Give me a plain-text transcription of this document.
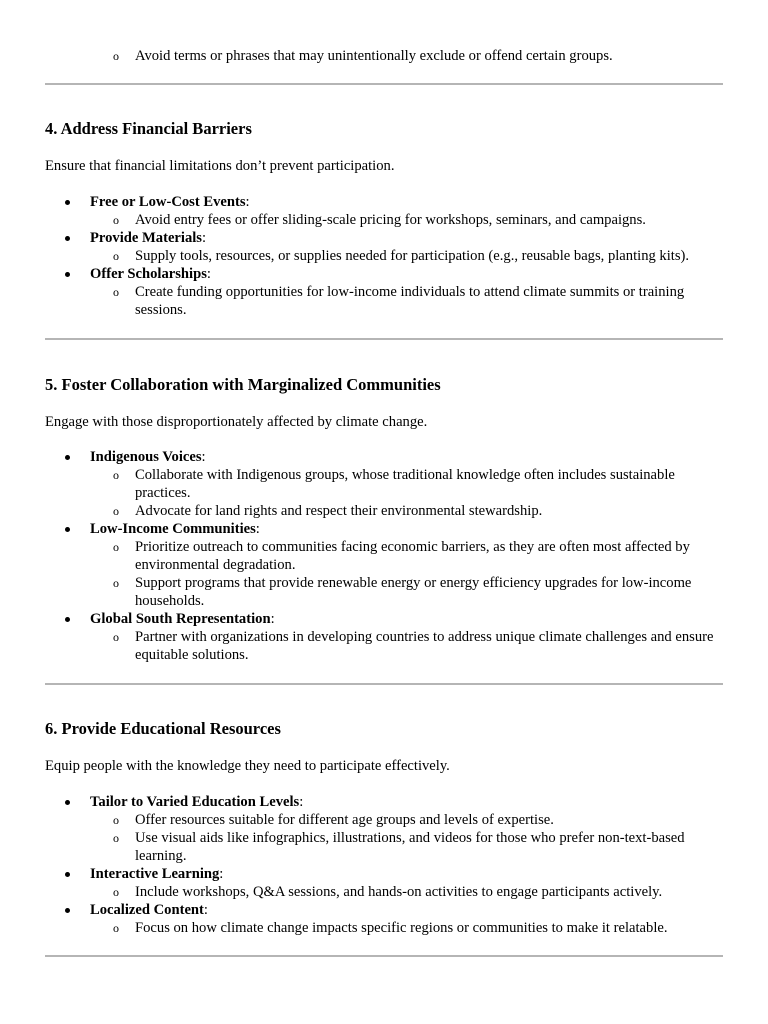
o Avoid terms or phrases that may unintentionally exclude or offend certain groups.
4. Address Financial Barriers

Ensure that financial limitations don’t prevent participation.

Free or Low-Cost Events:
o Avoid entry fees or offer sliding-scale pricing for workshops, seminars, and campaigns.
Provide Materials:
o Supply tools, resources, or supplies needed for participation (e.g., reusable bags, planting kits).
Offer Scholarships:
o Create funding opportunities for low-income individuals to attend climate summits or training sessions.
5. Foster Collaboration with Marginalized Communities

Engage with those disproportionately affected by climate change.

Indigenous Voices:
o Collaborate with Indigenous groups, whose traditional knowledge often includes sustainable practices.
o Advocate for land rights and respect their environmental stewardship.
Low-Income Communities:
o Prioritize outreach to communities facing economic barriers, as they are often most affected by environmental degradation.
o Support programs that provide renewable energy or energy efficiency upgrades for low-income households.
Global South Representation:
o Partner with organizations in developing countries to address unique climate challenges and ensure equitable solutions.
6. Provide Educational Resources

Equip people with the knowledge they need to participate effectively.

Tailor to Varied Education Levels:
o Offer resources suitable for different age groups and levels of expertise.
o Use visual aids like infographics, illustrations, and videos for those who prefer non-text-based learning.
Interactive Learning:
o Include workshops, Q&A sessions, and hands-on activities to engage participants actively.
Localized Content:
o Focus on how climate change impacts specific regions or communities to make it relatable.
